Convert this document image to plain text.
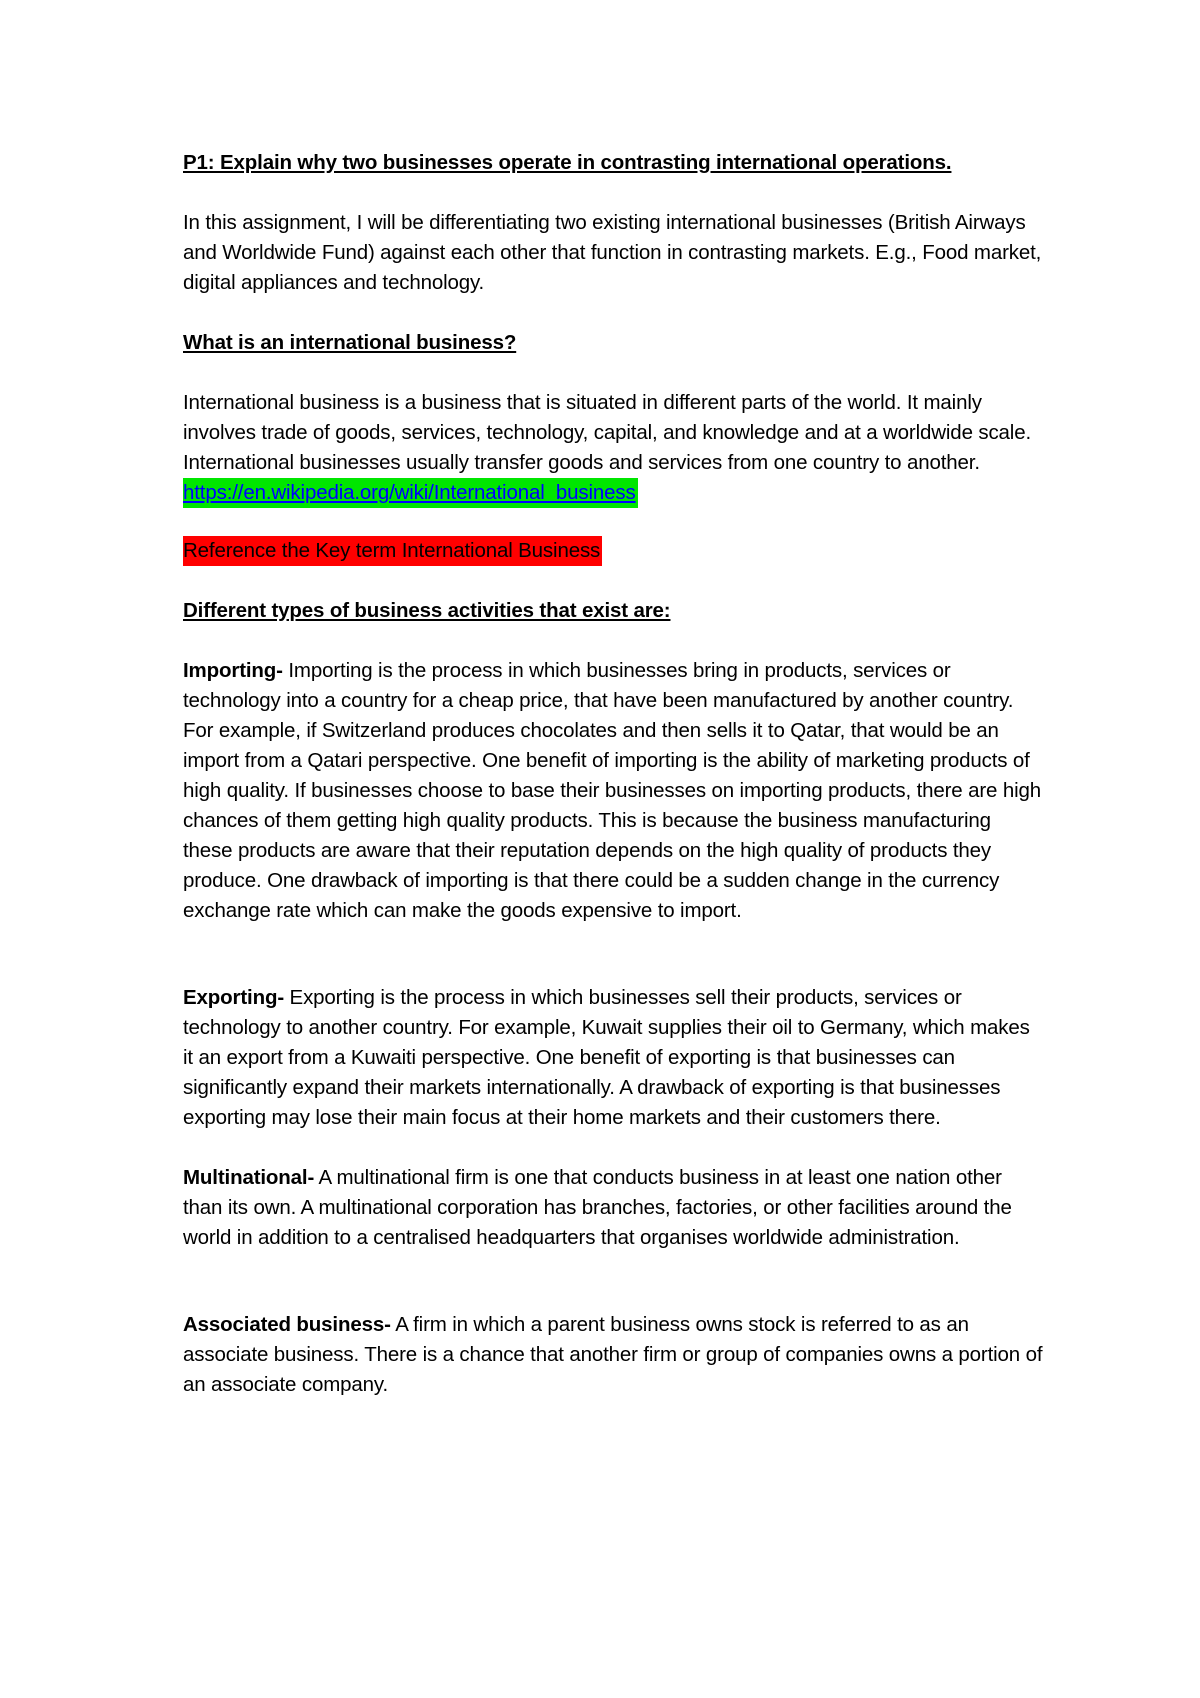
P1: Explain why two businesses operate in contrasting international operations.

In this assignment, I will be differentiating two existing international businesses (British Airways and Worldwide Fund) against each other that function in contrasting markets. E.g., Food market, digital appliances and technology.

What is an international business?

International business is a business that is situated in different parts of the world. It mainly involves trade of goods, services, technology, capital, and knowledge and at a worldwide scale. International businesses usually transfer goods and services from one country to another.

https://en.wikipedia.org/wiki/International_business

Reference the Key term International Business

Different types of business activities that exist are:

Importing- Importing is the process in which businesses bring in products, services or technology into a country for a cheap price, that have been manufactured by another country. For example, if Switzerland produces chocolates and then sells it to Qatar, that would be an import from a Qatari perspective. One benefit of importing is the ability of marketing products of high quality. If businesses choose to base their businesses on importing products, there are high chances of them getting high quality products. This is because the business manufacturing these products are aware that their reputation depends on the high quality of products they produce. One drawback of importing is that there could be a sudden change in the currency exchange rate which can make the goods expensive to import.

Exporting- Exporting is the process in which businesses sell their products, services or technology to another country. For example, Kuwait supplies their oil to Germany, which makes it an export from a Kuwaiti perspective. One benefit of exporting is that businesses can significantly expand their markets internationally. A drawback of exporting is that businesses exporting may lose their main focus at their home markets and their customers there.

Multinational- A multinational firm is one that conducts business in at least one nation other than its own. A multinational corporation has branches, factories, or other facilities around the world in addition to a centralised headquarters that organises worldwide administration.

Associated business- A firm in which a parent business owns stock is referred to as an associate business. There is a chance that another firm or group of companies owns a portion of an associate company.
